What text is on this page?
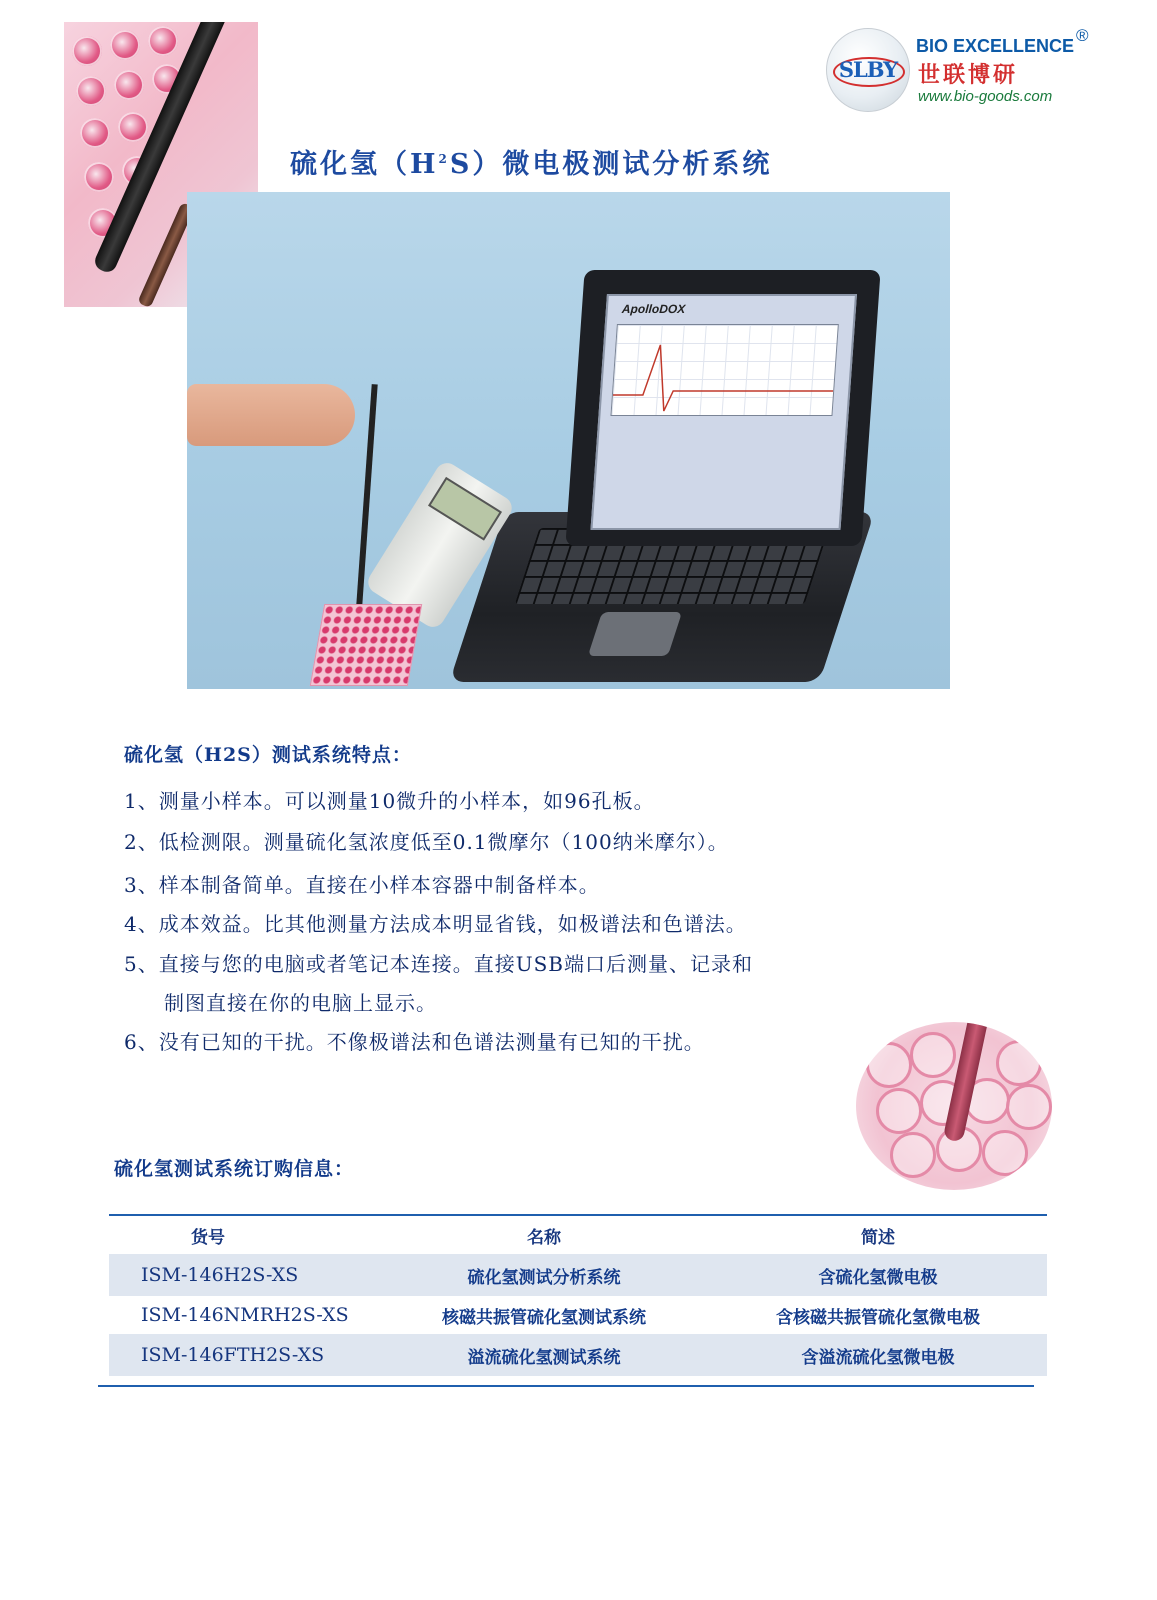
SLBY
BIO EXCELLENCE
®
世联博研
www.bio-goods.com
硫化氢$(H^2S)$微电极测试分析系统
ApolloDOX
硫化氢（H2S）测试系统特点：
1、测量小样本。可以测量10微升的小样本，如96孔板。
2、低检测限。测量硫化氢浓度低至0.1微摩尔（100纳米摩尔）。
3、样本制备简单。直接在小样本容器中制备样本。
4、成本效益。比其他测量方法成本明显省钱，如极谱法和色谱法。
5、直接与您的电脑或者笔记本连接。直接USB端口后测量、记录和
制图直接在你的电脑上显示。
6、没有已知的干扰。不像极谱法和色谱法测量有已知的干扰。
硫化氢测试系统订购信息：
货号	名称	简述
ISM-146H2S-XS	硫化氢测试分析系统	含硫化氢微电极
ISM-146NMRH2S-XS	核磁共振管硫化氢测试系统	含核磁共振管硫化氢微电极
ISM-146FTH2S-XS	溢流硫化氢测试系统	含溢流硫化氢微电极
